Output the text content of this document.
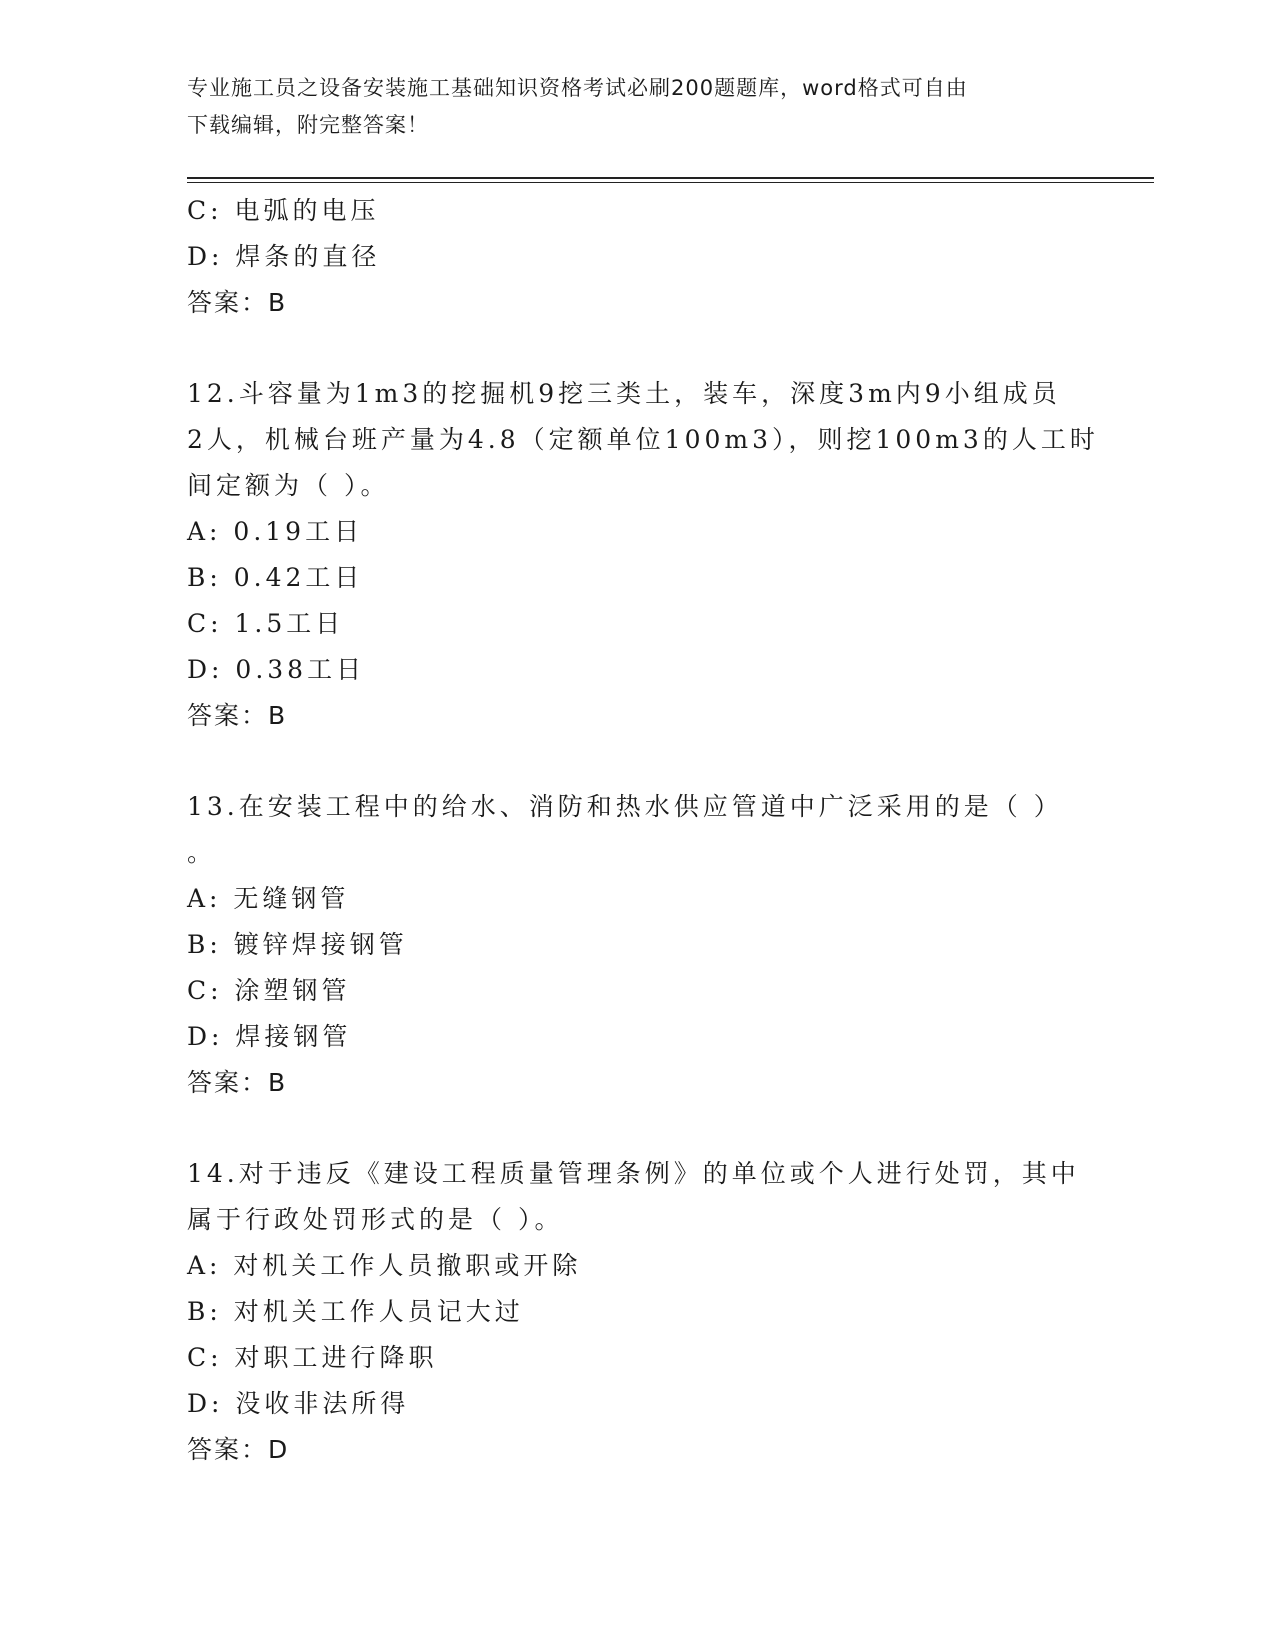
专业施工员之设备安装施工基础知识资格考试必刷200题题库，word格式可自由
下载编辑，附完整答案！
C: 电弧的电压
D: 焊条的直径
答案：B
12.斗容量为1m3的挖掘机9挖三类土，装车，深度3m内9小组成员
2人，机械台班产量为4.8（定额单位100m3），则挖100m3的人工时
间定额为（ ）。
A: 0.19工日
B: 0.42工日
C: 1.5工日
D: 0.38工日
答案：B
13.在安装工程中的给水、消防和热水供应管道中广泛采用的是（ ）
。
A: 无缝钢管
B: 镀锌焊接钢管
C: 涂塑钢管
D: 焊接钢管
答案：B
14.对于违反《建设工程质量管理条例》的单位或个人进行处罚，其中
属于行政处罚形式的是（ ）。
A: 对机关工作人员撤职或开除
B: 对机关工作人员记大过
C: 对职工进行降职
D: 没收非法所得
答案：D
